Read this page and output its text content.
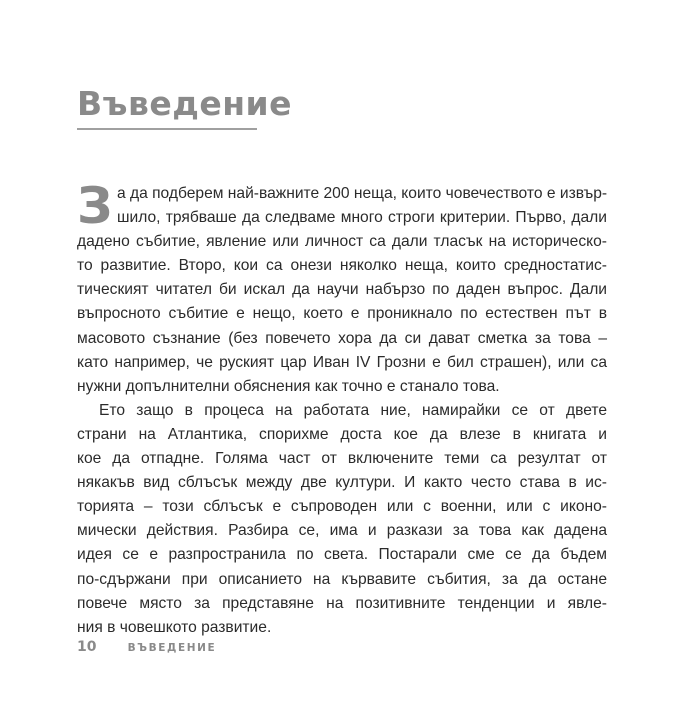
Въведение
З а да подберем най-важните 200 неща, които човечеството е извър-
шило, трябваше да следваме много строги критерии. Първо, дали
дадено събитие, явление или личност са дали тласък на историческо-
то развитие. Второ, кои са онези няколко неща, които средностатис-
тическият читател би искал да научи набързо по даден въпрос. Дали
въпросното събитие е нещо, което е проникнало по естествен път в
масовото съзнание (без повечето хора да си дават сметка за това –
като например, че руският цар Иван IV Грозни е бил страшен), или са
нужни допълнителни обяснения как точно е станало това.
Ето защо в процеса на работата ние, намирайки се от двете
страни на Атлантика, спорихме доста кое да влезе в книгата и
кое да отпадне. Голяма част от включените теми са резултат от
някакъв вид сблъсък между две култури. И както често става в ис-
торията – този сблъсък е съпроводен или с военни, или с иконо-
мически действия. Разбира се, има и разкази за това как дадена
идея се е разпространила по света. Постарали сме се да бъдем
по-сдържани при описанието на кървавите събития, за да остане
повече място за представяне на позитивните тенденции и явле-
ния в човешкото развитие.
10	ВЪВЕДЕНИЕ
